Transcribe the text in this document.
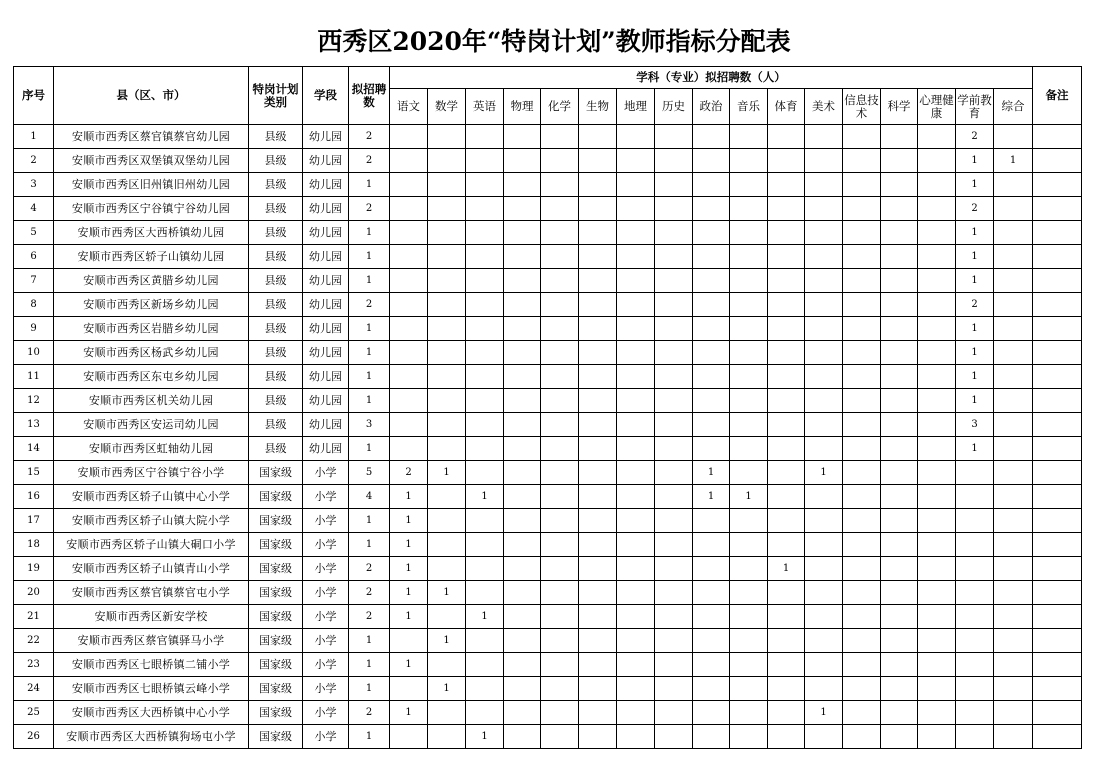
西秀区2020年“特岗计划”教师指标分配表
序号	县（区、市）	特岗计划类别	学段	拟招聘数	学科（专业）拟招聘数（人）																	备注
					语文	数学	英语	物理	化学	生物	地理	历史	政治	音乐	体育	美术	信息技术	科学	心理健康	学前教育	综合	
1	安顺市西秀区蔡官镇蔡官幼儿园	县级	幼儿园	2																2		
2	安顺市西秀区双堡镇双堡幼儿园	县级	幼儿园	2																1	1	
3	安顺市西秀区旧州镇旧州幼儿园	县级	幼儿园	1																1		
4	安顺市西秀区宁谷镇宁谷幼儿园	县级	幼儿园	2																2		
5	安顺市西秀区大西桥镇幼儿园	县级	幼儿园	1																1		
6	安顺市西秀区轿子山镇幼儿园	县级	幼儿园	1																1		
7	安顺市西秀区黄腊乡幼儿园	县级	幼儿园	1																1		
8	安顺市西秀区新场乡幼儿园	县级	幼儿园	2																2		
9	安顺市西秀区岩腊乡幼儿园	县级	幼儿园	1																1		
10	安顺市西秀区杨武乡幼儿园	县级	幼儿园	1																1		
11	安顺市西秀区东屯乡幼儿园	县级	幼儿园	1																1		
12	安顺市西秀区机关幼儿园	县级	幼儿园	1																1		
13	安顺市西秀区安运司幼儿园	县级	幼儿园	3																3		
14	安顺市西秀区虹轴幼儿园	县级	幼儿园	1																1		
15	安顺市西秀区宁谷镇宁谷小学	国家级	小学	5	2	1							1			1						
16	安顺市西秀区轿子山镇中心小学	国家级	小学	4	1		1						1	1								
17	安顺市西秀区轿子山镇大院小学	国家级	小学	1	1																	
18	安顺市西秀区轿子山镇大硐口小学	国家级	小学	1	1																	
19	安顺市西秀区轿子山镇青山小学	国家级	小学	2	1										1							
20	安顺市西秀区蔡官镇蔡官屯小学	国家级	小学	2	1	1																
21	安顺市西秀区新安学校	国家级	小学	2	1		1															
22	安顺市西秀区蔡官镇驿马小学	国家级	小学	1		1																
23	安顺市西秀区七眼桥镇二铺小学	国家级	小学	1	1																	
24	安顺市西秀区七眼桥镇云峰小学	国家级	小学	1		1																
25	安顺市西秀区大西桥镇中心小学	国家级	小学	2	1											1						
26	安顺市西秀区大西桥镇狗场屯小学	国家级	小学	1			1															
